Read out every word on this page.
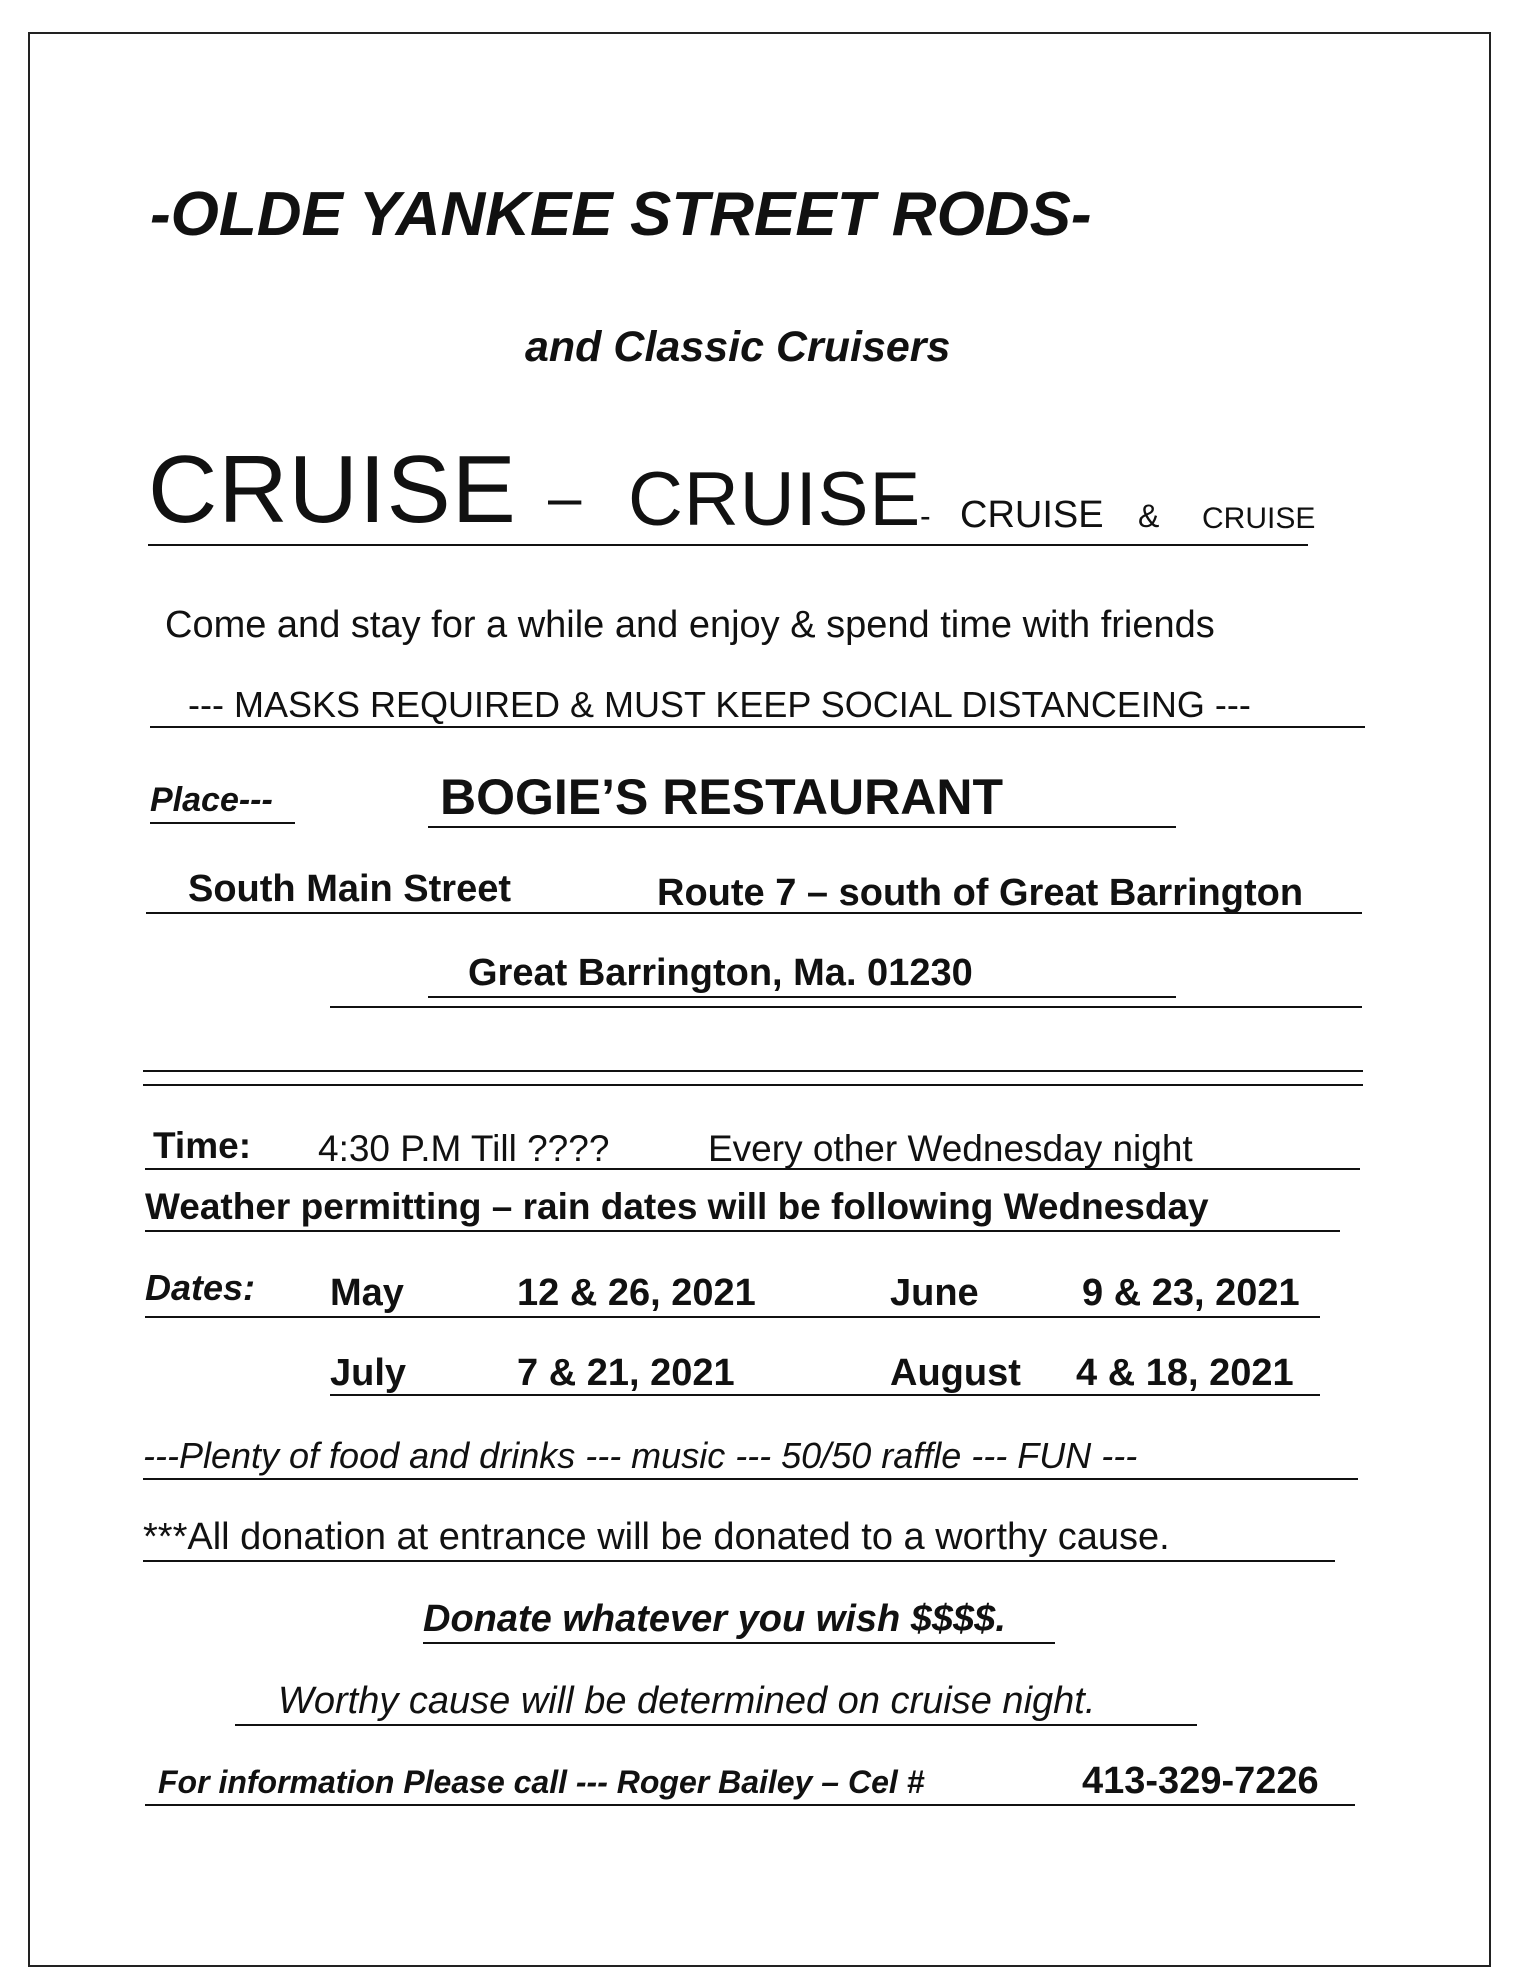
-OLDE YANKEE STREET RODS-
and Classic Cruisers
CRUISE – CRUISE
- CRUISE & CRUISE
Come and stay for a while and enjoy & spend time with friends
--- MASKS REQUIRED & MUST KEEP SOCIAL DISTANCEING ---
Place---	BOGIE’S RESTAURANT
South Main Street	Route 7 – south of Great Barrington
Great Barrington, Ma. 01230
Time: 4:30 P.M Till ????	Every other Wednesday night
Weather permitting – rain dates will be following Wednesday
Dates: May	12 & 26, 2021	June	9 & 23, 2021
July	7 & 21, 2021	August 4 & 18, 2021
---Plenty of food and drinks --- music --- 50/50 raffle --- FUN ---
***All donation at entrance will be donated to a worthy cause.
Donate whatever you wish $$$$.
Worthy cause will be determined on cruise night.
For information Please call --- Roger Bailey – Cel #	413-329-7226
